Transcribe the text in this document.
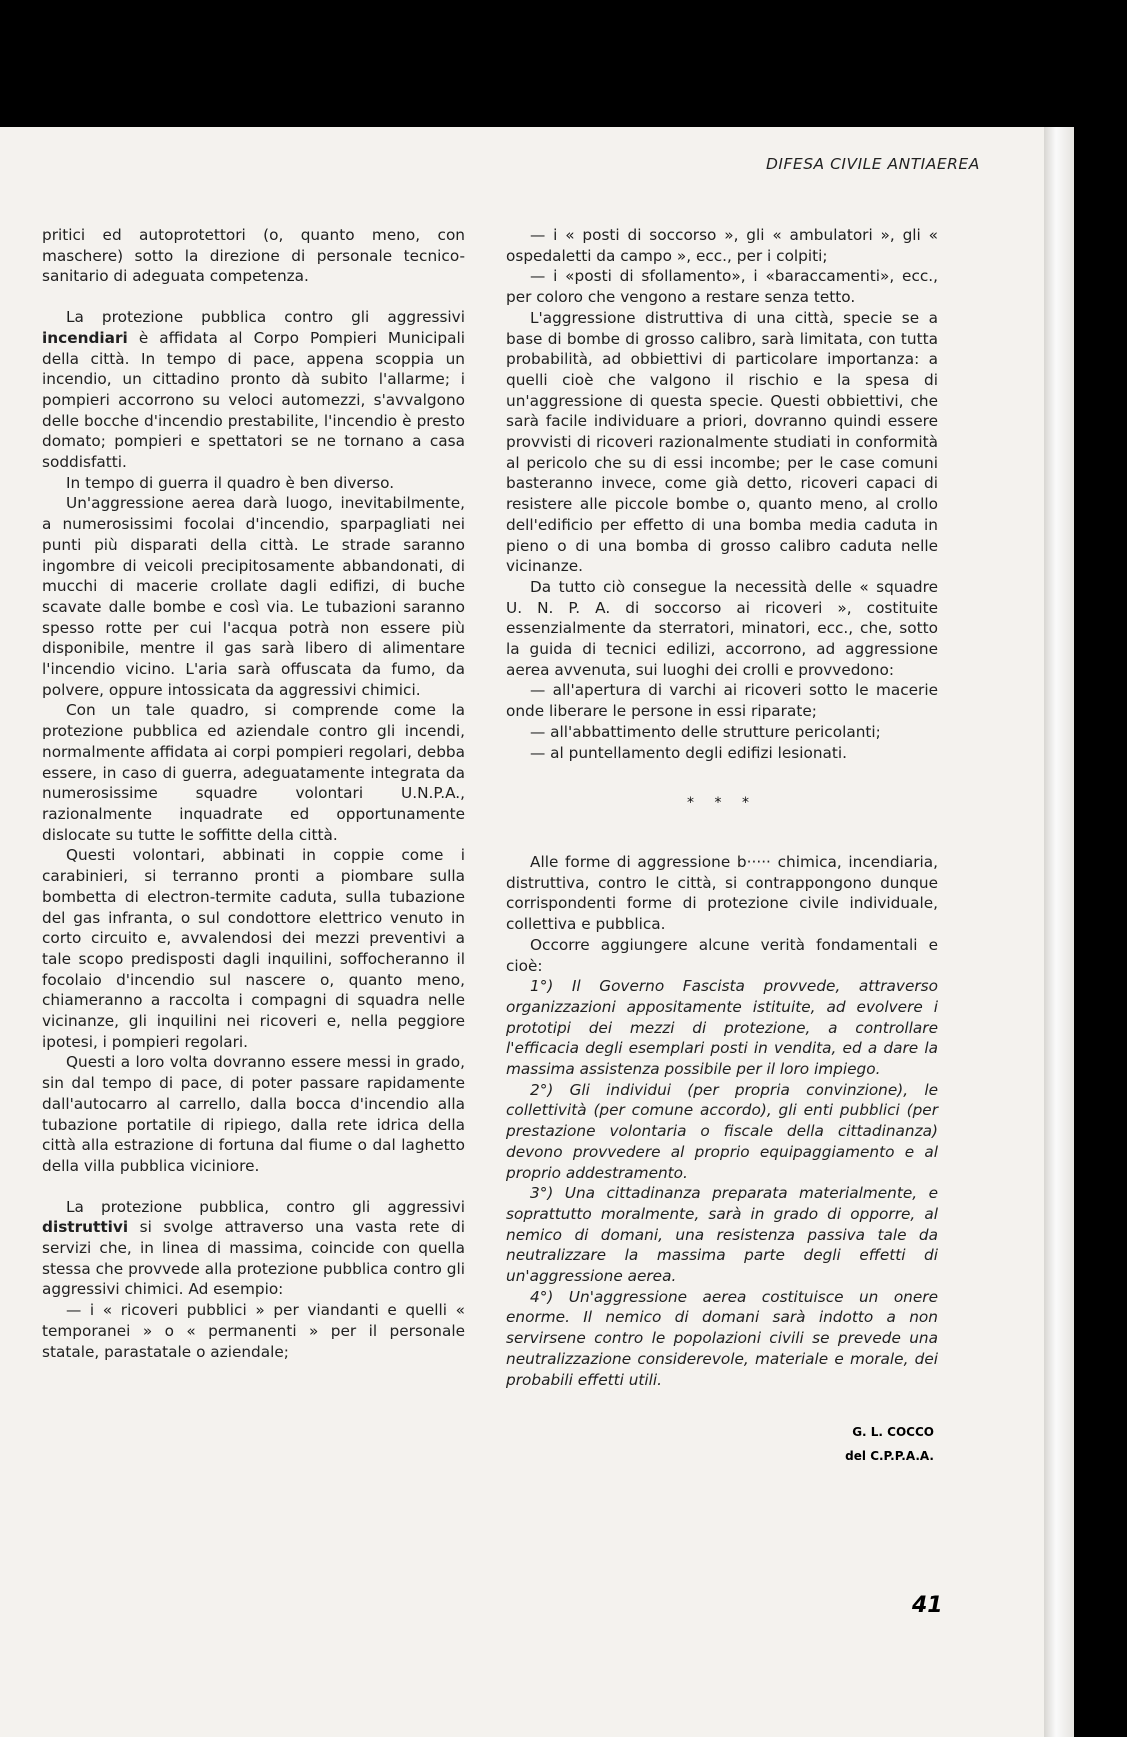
DIFESA CIVILE ANTIAEREA

pritici ed autoprotettori (o, quanto meno, con maschere) sotto la direzione di personale tecnico-sanitario di adeguata competenza.

La protezione pubblica contro gli aggressivi incendiari è affidata al Corpo Pompieri Municipali della città. In tempo di pace, appena scoppia un incendio, un cittadino pronto dà subito l'allarme; i pompieri accorrono su veloci automezzi, s'avvalgono delle bocche d'incendio prestabilite, l'incendio è presto domato; pompieri e spettatori se ne tornano a casa soddisfatti.

In tempo di guerra il quadro è ben diverso.

Un'aggressione aerea darà luogo, inevitabilmente, a numerosissimi focolai d'incendio, sparpagliati nei punti più disparati della città. Le strade saranno ingombre di veicoli precipitosamente abbandonati, di mucchi di macerie crollate dagli edifizi, di buche scavate dalle bombe e così via. Le tubazioni saranno spesso rotte per cui l'acqua potrà non essere più disponibile, mentre il gas sarà libero di alimentare l'incendio vicino. L'aria sarà offuscata da fumo, da polvere, oppure intossicata da aggressivi chimici.

Con un tale quadro, si comprende come la protezione pubblica ed aziendale contro gli incendi, normalmente affidata ai corpi pompieri regolari, debba essere, in caso di guerra, adeguatamente integrata da numerosissime squadre volontari U.N.P.A., razionalmente inquadrate ed opportunamente dislocate su tutte le soffitte della città.

Questi volontari, abbinati in coppie come i carabinieri, si terranno pronti a piombare sulla bombetta di electron-termite caduta, sulla tubazione del gas infranta, o sul condottore elettrico venuto in corto circuito e, avvalendosi dei mezzi preventivi a tale scopo predisposti dagli inquilini, soffocheranno il focolaio d'incendio sul nascere o, quanto meno, chiameranno a raccolta i compagni di squadra nelle vicinanze, gli inquilini nei ricoveri e, nella peggiore ipotesi, i pompieri regolari.

Questi a loro volta dovranno essere messi in grado, sin dal tempo di pace, di poter passare rapidamente dall'autocarro al carrello, dalla bocca d'incendio alla tubazione portatile di ripiego, dalla rete idrica della città alla estrazione di fortuna dal fiume o dal laghetto della villa pubblica viciniore.

La protezione pubblica, contro gli aggressivi distruttivi si svolge attraverso una vasta rete di servizi che, in linea di massima, coincide con quella stessa che provvede alla protezione pubblica contro gli aggressivi chimici. Ad esempio:

— i « ricoveri pubblici » per viandanti e quelli « temporanei » o « permanenti » per il personale statale, parastatale o aziendale;

— i « posti di soccorso », gli « ambulatori », gli « ospedaletti da campo », ecc., per i colpiti;

— i «posti di sfollamento», i «baraccamenti», ecc., per coloro che vengono a restare senza tetto.

L'aggressione distruttiva di una città, specie se a base di bombe di grosso calibro, sarà limitata, con tutta probabilità, ad obbiettivi di particolare importanza: a quelli cioè che valgono il rischio e la spesa di un'aggressione di questa specie. Questi obbiettivi, che sarà facile individuare a priori, dovranno quindi essere provvisti di ricoveri razionalmente studiati in conformità al pericolo che su di essi incombe; per le case comuni basteranno invece, come già detto, ricoveri capaci di resistere alle piccole bombe o, quanto meno, al crollo dell'edificio per effetto di una bomba media caduta in pieno o di una bomba di grosso calibro caduta nelle vicinanze.

Da tutto ciò consegue la necessità delle « squadre U. N. P. A. di soccorso ai ricoveri », costituite essenzialmente da sterratori, minatori, ecc., che, sotto la guida di tecnici edilizi, accorrono, ad aggressione aerea avvenuta, sui luoghi dei crolli e provvedono:

— all'apertura di varchi ai ricoveri sotto le macerie onde liberare le persone in essi riparate;

— all'abbattimento delle strutture pericolanti;

— al puntellamento degli edifizi lesionati.

* * *

Alle forme di aggressione b····· chimica, incendiaria, distruttiva, contro le città, si contrappongono dunque corrispondenti forme di protezione civile individuale, collettiva e pubblica.

Occorre aggiungere alcune verità fondamentali e cioè:

1°) Il Governo Fascista provvede, attraverso organizzazioni appositamente istituite, ad evolvere i prototipi dei mezzi di protezione, a controllare l'efficacia degli esemplari posti in vendita, ed a dare la massima assistenza possibile per il loro impiego.

2°) Gli individui (per propria convinzione), le collettività (per comune accordo), gli enti pubblici (per prestazione volontaria o fiscale della cittadinanza) devono provvedere al proprio equipaggiamento e al proprio addestramento.

3°) Una cittadinanza preparata materialmente, e soprattutto moralmente, sarà in grado di opporre, al nemico di domani, una resistenza passiva tale da neutralizzare la massima parte degli effetti di un'aggressione aerea.

4°) Un'aggressione aerea costituisce un onere enorme. Il nemico di domani sarà indotto a non servirsene contro le popolazioni civili se prevede una neutralizzazione considerevole, materiale e morale, dei probabili effetti utili.

G. L. COCCO
del C.P.P.A.A.
41
